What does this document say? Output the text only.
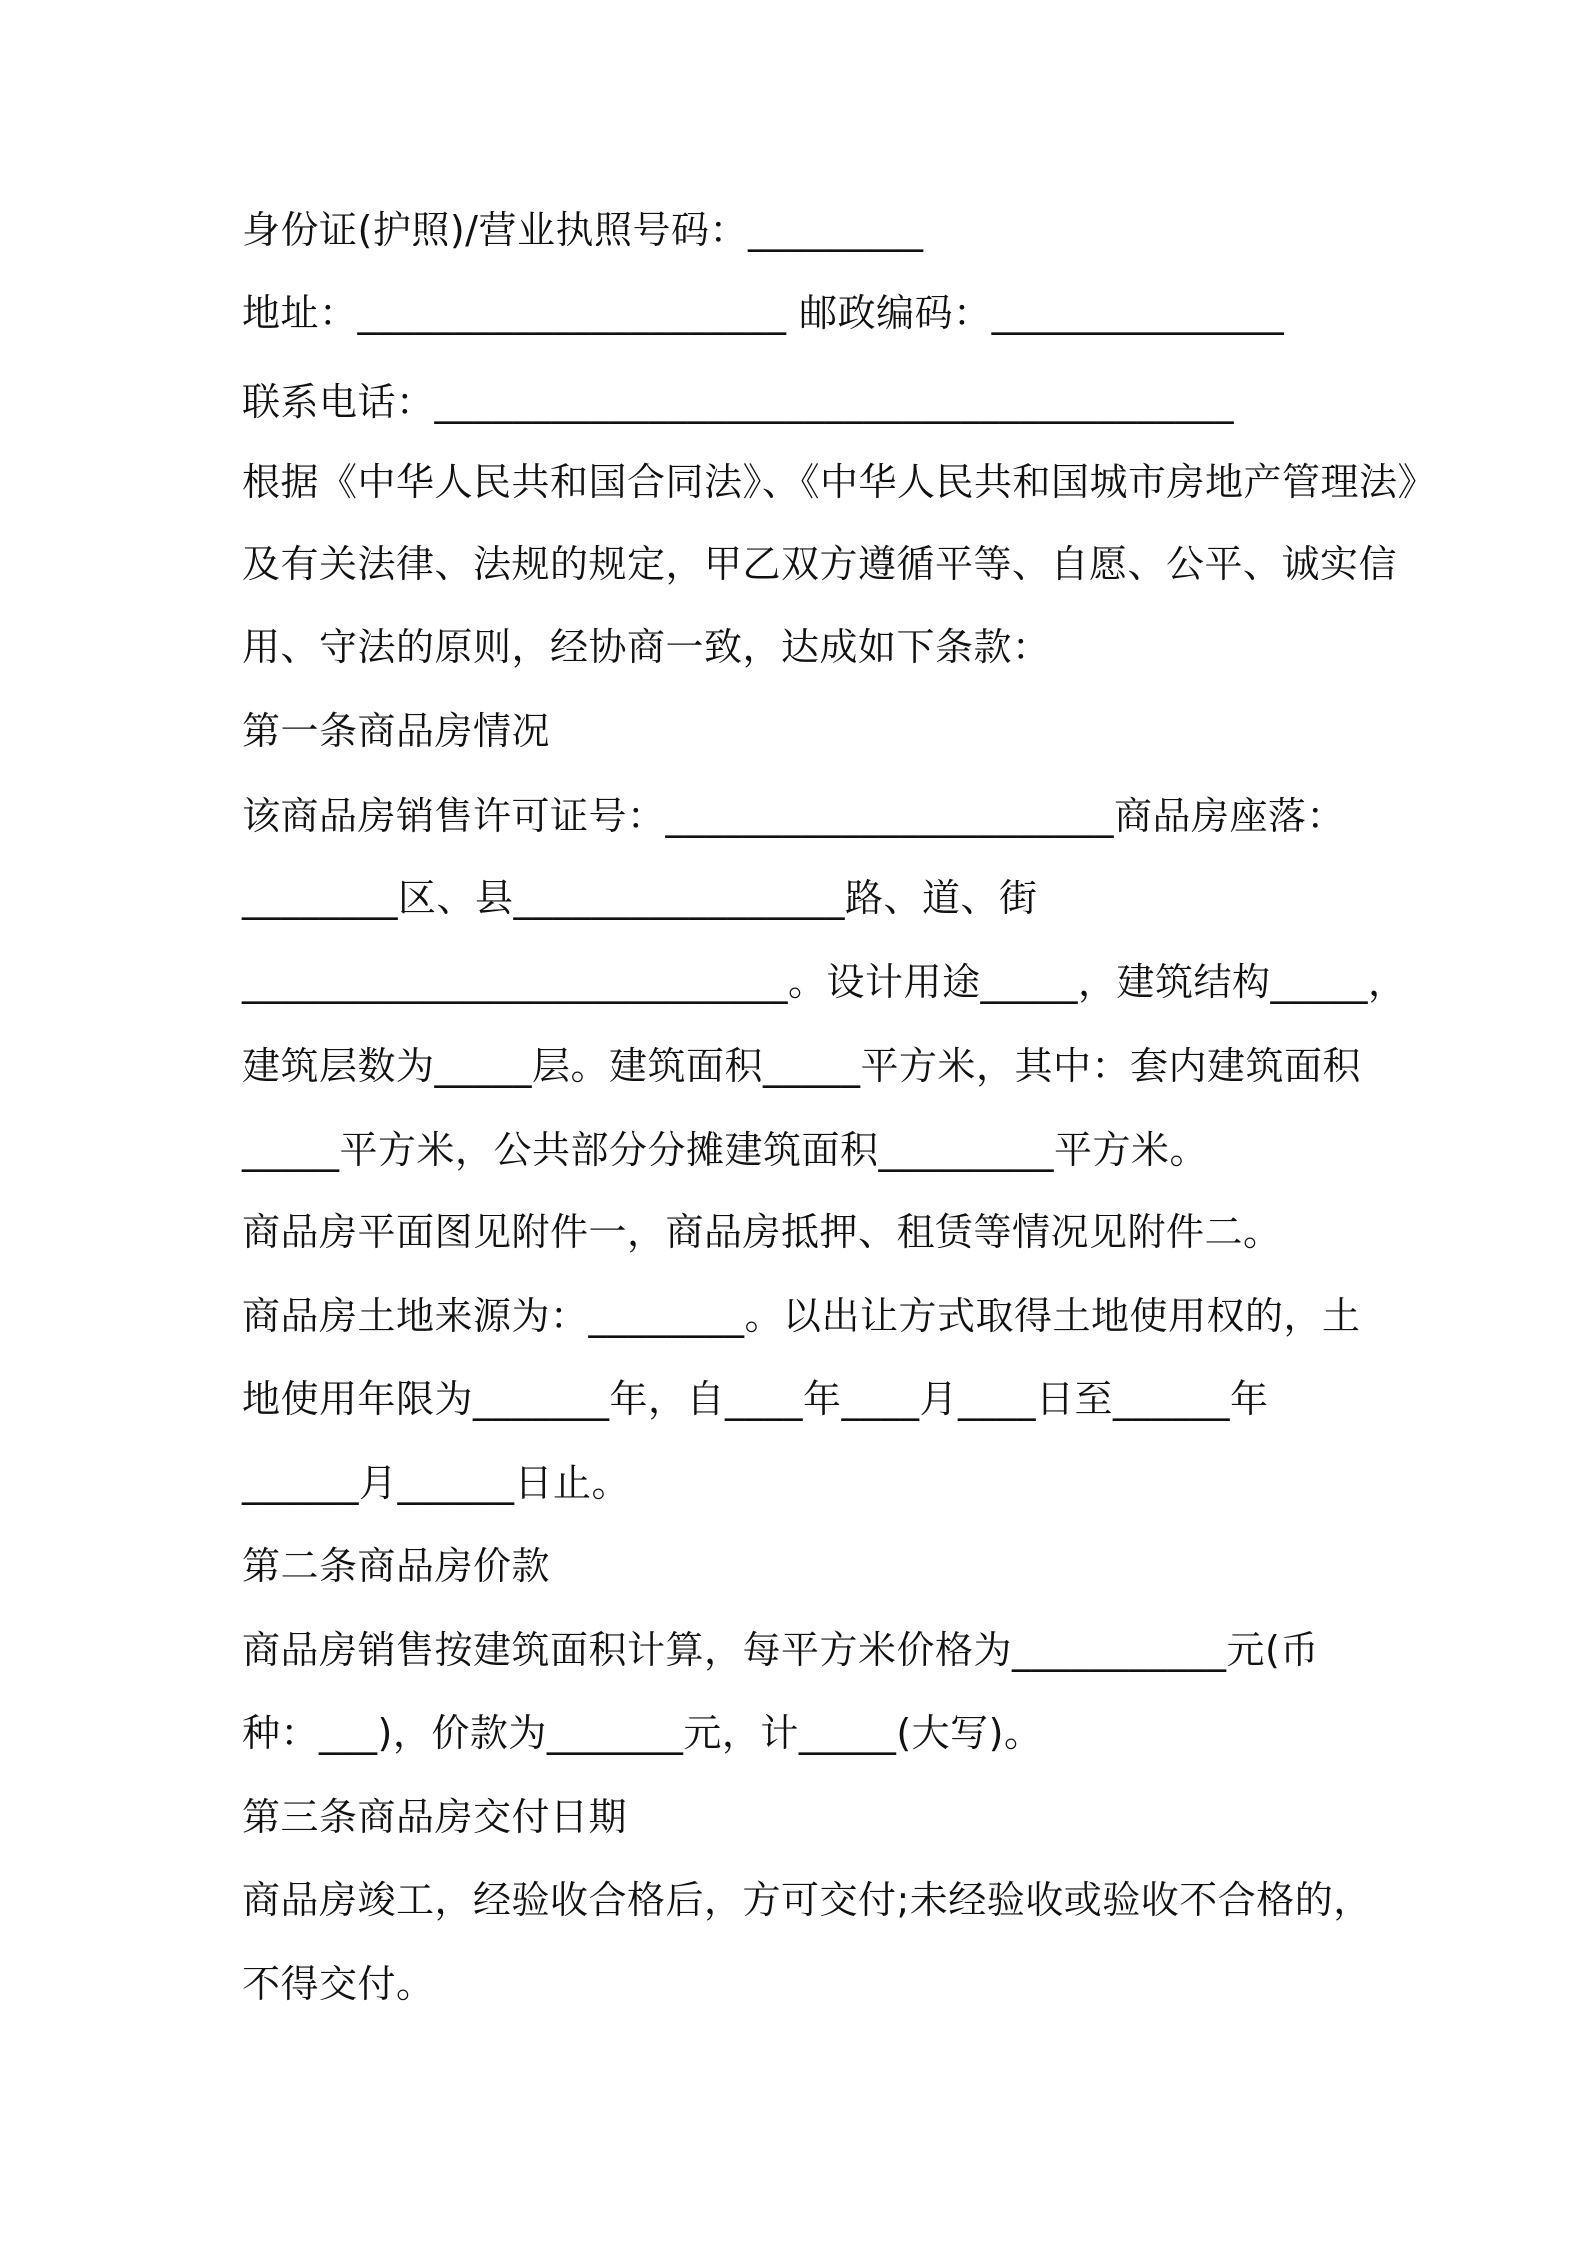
身份证(护照)/营业执照号码：_________
地址：______________________ 邮政编码：_______________
联系电话：_________________________________________
根据《中华人民共和国合同法》、《中华人民共和国城市房地产管理法》
及有关法律、法规的规定，甲乙双方遵循平等、自愿、公平、诚实信
用、守法的原则，经协商一致，达成如下条款：
第一条商品房情况
该商品房销售许可证号：_______________________商品房座落：
________区、县_________________路、道、街
____________________________。设计用途_____，建筑结构_____，
建筑层数为_____层。建筑面积_____平方米，其中：套内建筑面积
_____平方米，公共部分分摊建筑面积_________平方米。
商品房平面图见附件一，商品房抵押、租赁等情况见附件二。
商品房土地来源为：________。以出让方式取得土地使用权的，土
地使用年限为_______年，自____年____月____日至______年
______月______日止。
第二条商品房价款
商品房销售按建筑面积计算，每平方米价格为___________元(币
种：___)，价款为_______元，计_____(大写)。
第三条商品房交付日期
商品房竣工，经验收合格后，方可交付;未经验收或验收不合格的，
不得交付。
